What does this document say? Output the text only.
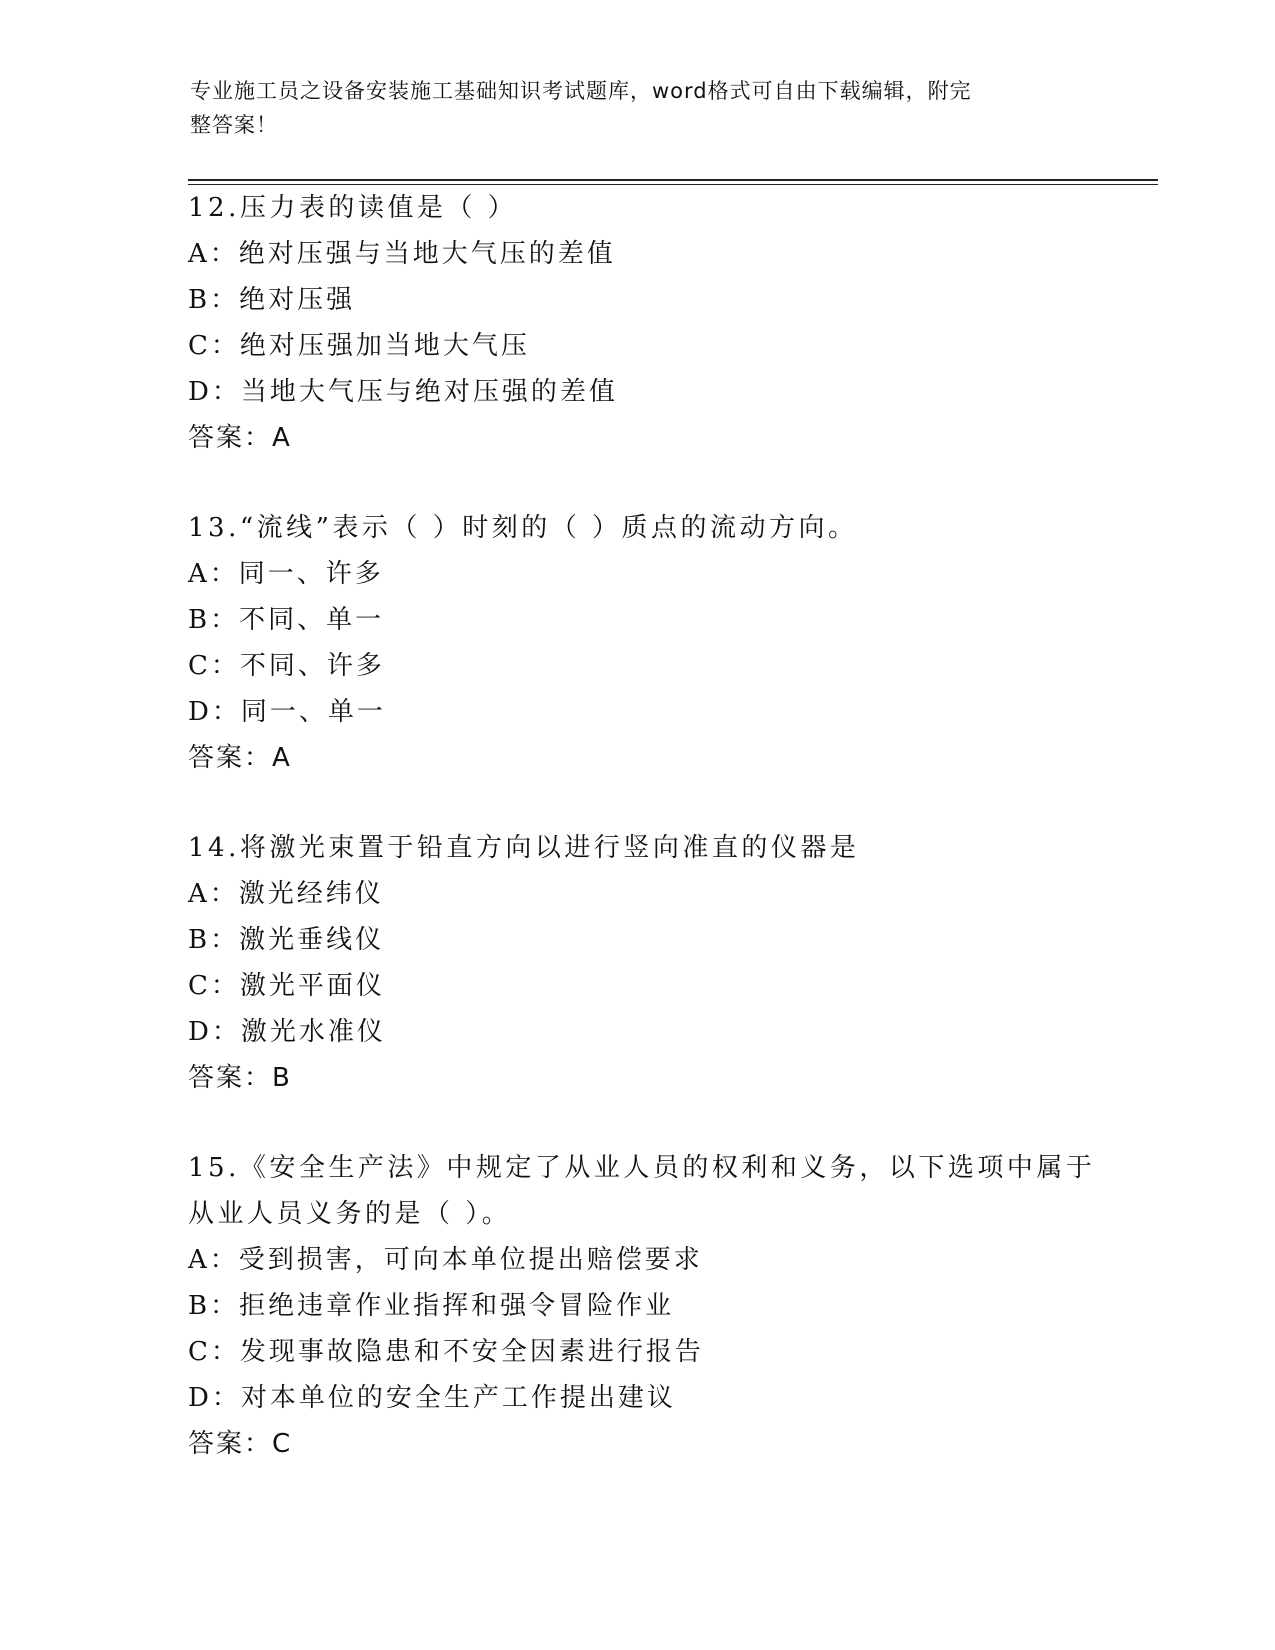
专业施工员之设备安装施工基础知识考试题库，word格式可自由下载编辑，附完
整答案！
12.压力表的读值是（ ）
A：绝对压强与当地大气压的差值
B：绝对压强
C：绝对压强加当地大气压
D：当地大气压与绝对压强的差值
答案：A
13.“流线”表示（ ）时刻的（ ）质点的流动方向。
A：同一、许多
B：不同、单一
C：不同、许多
D：同一、单一
答案：A
14.将激光束置于铅直方向以进行竖向准直的仪器是
A：激光经纬仪
B：激光垂线仪
C：激光平面仪
D：激光水准仪
答案：B
15.《安全生产法》中规定了从业人员的权利和义务，以下选项中属于
从业人员义务的是（ ）。
A：受到损害，可向本单位提出赔偿要求
B：拒绝违章作业指挥和强令冒险作业
C：发现事故隐患和不安全因素进行报告
D：对本单位的安全生产工作提出建议
答案：C
